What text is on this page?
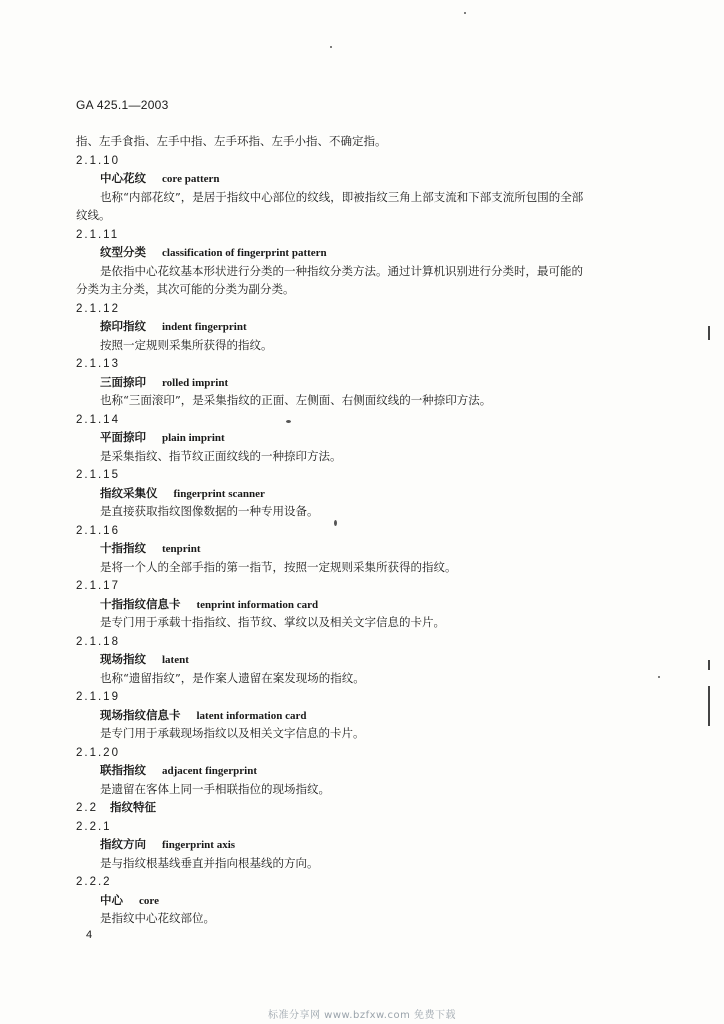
GA 425.1—2003
指、左手食指、左手中指、左手环指、左手小指、不确定指。
2.1.10
中心花纹 core pattern
也称“内部花纹”，是居于指纹中心部位的纹线，即被指纹三角上部支流和下部支流所包围的全部
纹线。
2.1.11
纹型分类 classification of fingerprint pattern
是依指中心花纹基本形状进行分类的一种指纹分类方法。通过计算机识别进行分类时，最可能的
分类为主分类，其次可能的分类为副分类。
2.1.12
捺印指纹 indent fingerprint
按照一定规则采集所获得的指纹。
2.1.13
三面捺印 rolled imprint
也称“三面滚印”，是采集指纹的正面、左侧面、右侧面纹线的一种捺印方法。
2.1.14
平面捺印 plain imprint
是采集指纹、指节纹正面纹线的一种捺印方法。
2.1.15
指纹采集仪 fingerprint scanner
是直接获取指纹图像数据的一种专用设备。
2.1.16
十指指纹 tenprint
是将一个人的全部手指的第一指节，按照一定规则采集所获得的指纹。
2.1.17
十指指纹信息卡 tenprint information card
是专门用于承载十指指纹、指节纹、掌纹以及相关文字信息的卡片。
2.1.18
现场指纹 latent
也称“遗留指纹”，是作案人遗留在案发现场的指纹。
2.1.19
现场指纹信息卡 latent information card
是专门用于承载现场指纹以及相关文字信息的卡片。
2.1.20
联指指纹 adjacent fingerprint
是遗留在客体上同一手相联指位的现场指纹。
2.2 指纹特征
2.2.1
指纹方向 fingerprint axis
是与指纹根基线垂直并指向根基线的方向。
2.2.2
中心 core
是指纹中心花纹部位。
4
标准分享网 www.bzfxw.com 免费下载
